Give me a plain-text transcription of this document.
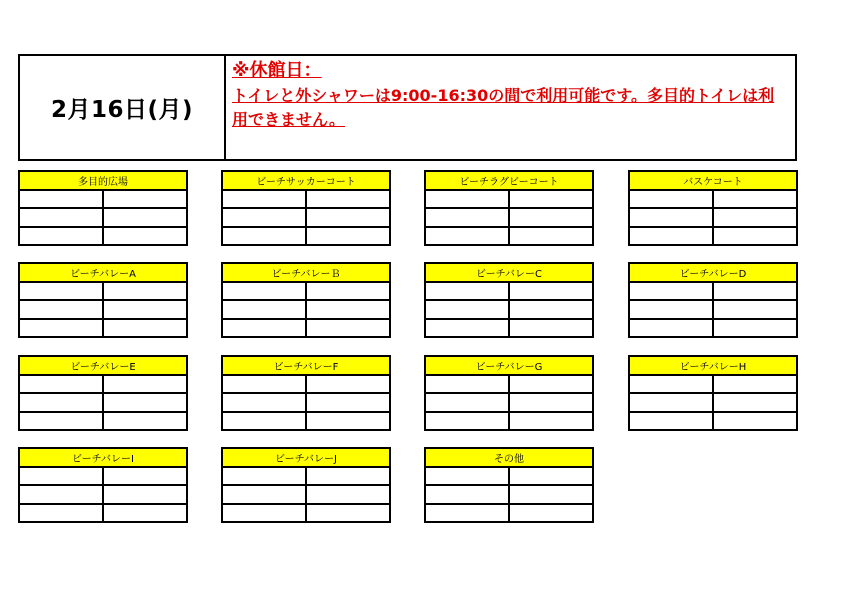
2月16日(月)
※休館日：
トイレと外シャワーは9:00-16:30の間で利用可能です。多目的トイレは利用できません。
多目的広場	ビーチサッカーコート	ビーチラグビーコート	バスケコート
ビーチバレーA	ビーチバレーＢ	ビーチバレーC	ビーチバレーD
ビーチバレーE	ビーチバレーF	ビーチバレーG	ビーチバレーH
ビーチバレーI	ビーチバレーJ	その他
